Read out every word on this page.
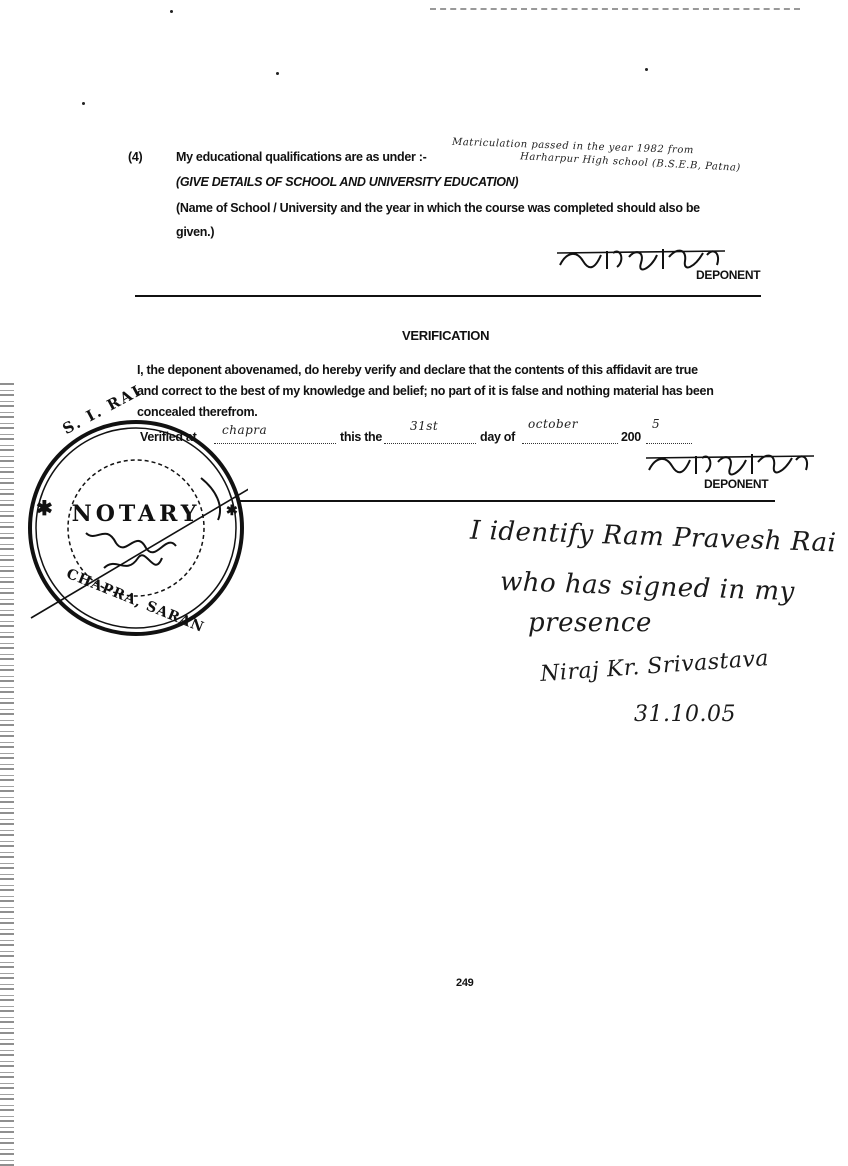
(4)	My educational qualifications are as under :-
Matriculation passed in the year 1982 from
Harharpur High school (B.S.E.B, Patna)
(GIVE DETAILS OF SCHOOL AND UNIVERSITY EDUCATION)
(Name of School / University and the year in which the course was completed should also be
given.)
DEPONENT
VERIFICATION
I, the deponent abovenamed, do hereby verify and declare that the contents of this affidavit are true
and correct to the best of my knowledge and belief; no part of it is false and nothing material has been
concealed therefrom.
Verified at chapra	this the
31st
day of
october
200
5
DEPONENT
✱	✱
NOTARY
S. I. RAI
CHAPRA, SARAN
I identify Ram Pravesh Rai
who has signed in my
presence
Niraj Kr. Srivastava
31.10.05
249
